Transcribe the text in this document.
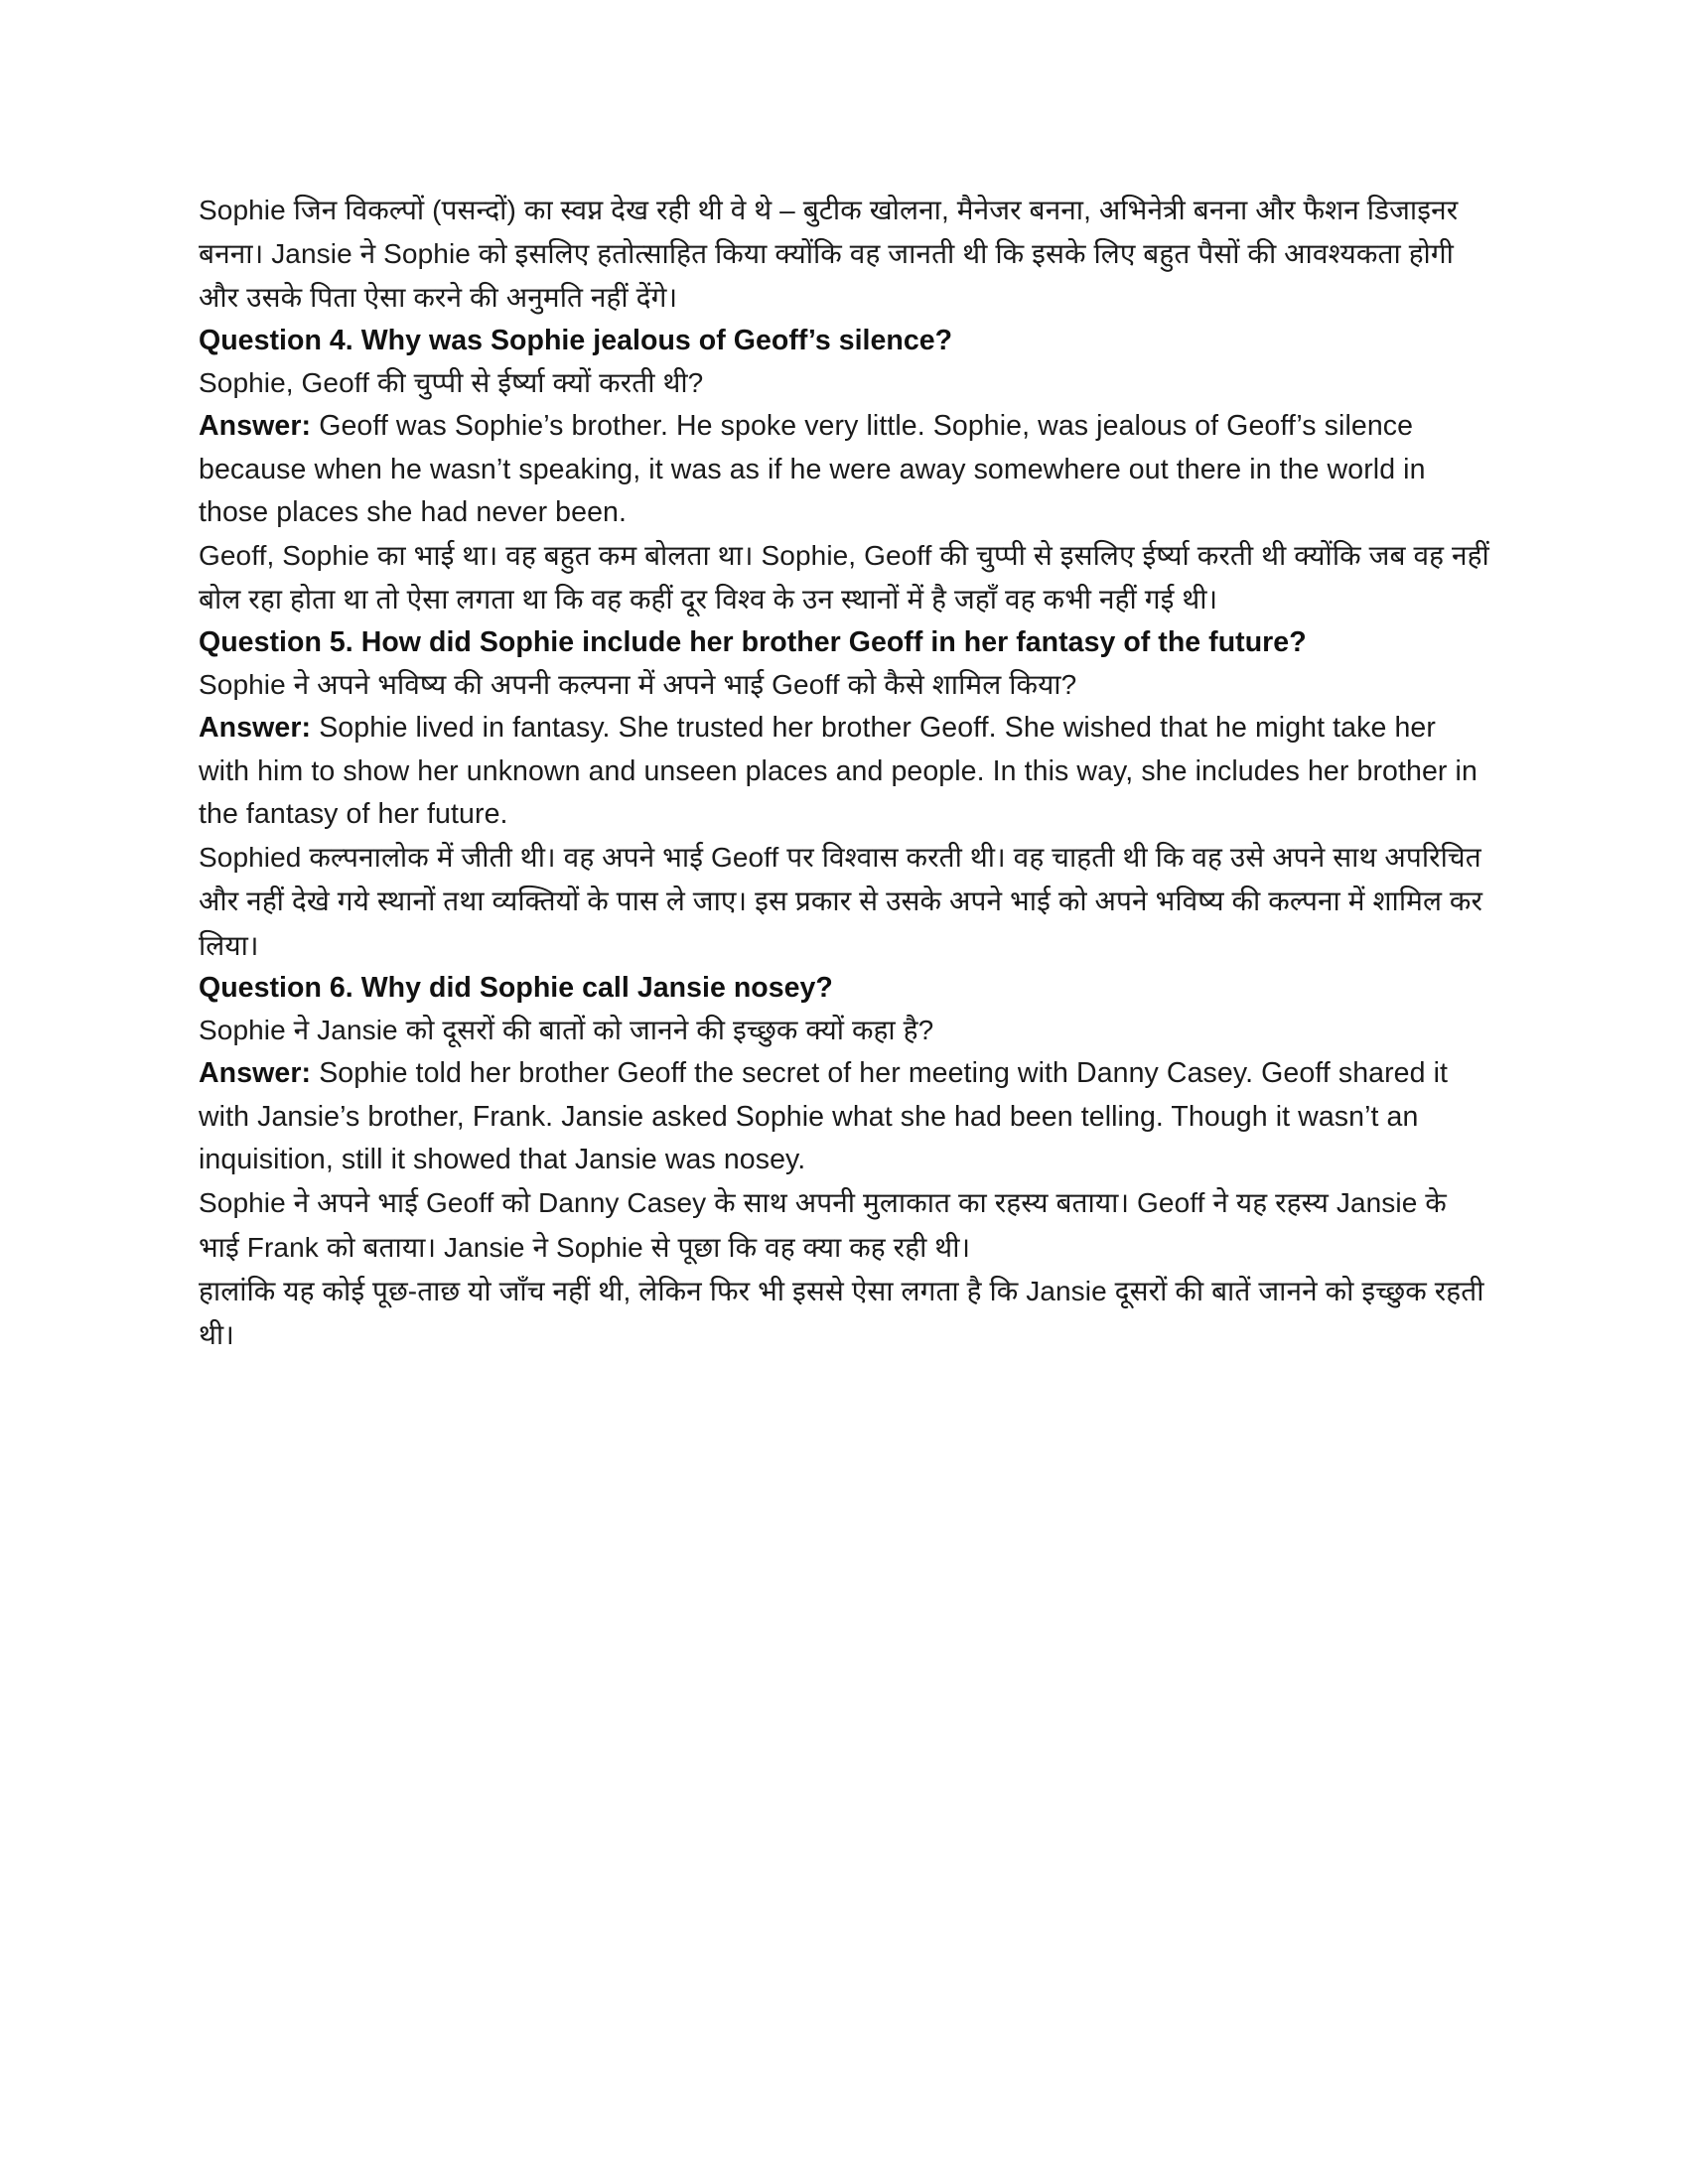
Sophie जिन विकल्पों (पसन्दों) का स्वप्न देख रही थी वे थे – बुटीक खोलना, मैनेजर बनना, अभिनेत्री बनना और फैशन डिजाइनर बनना। Jansie ने Sophie को इसलिए हतोत्साहित किया क्योंकि वह जानती थी कि इसके लिए बहुत पैसों की आवश्यकता होगी और उसके पिता ऐसा करने की अनुमति नहीं देंगे।

Question 4. Why was Sophie jealous of Geoff’s silence?

Sophie, Geoff की चुप्पी से ईर्ष्या क्यों करती थी?

Answer: Geoff was Sophie’s brother. He spoke very little. Sophie, was jealous of Geoff’s silence because when he wasn’t speaking, it was as if he were away somewhere out there in the world in those places she had never been.

Geoff, Sophie का भाई था। वह बहुत कम बोलता था। Sophie, Geoff की चुप्पी से इसलिए ईर्ष्या करती थी क्योंकि जब वह नहीं बोल रहा होता था तो ऐसा लगता था कि वह कहीं दूर विश्व के उन स्थानों में है जहाँ वह कभी नहीं गई थी।

Question 5. How did Sophie include her brother Geoff in her fantasy of the future?

Sophie ने अपने भविष्य की अपनी कल्पना में अपने भाई Geoff को कैसे शामिल किया?

Answer: Sophie lived in fantasy. She trusted her brother Geoff. She wished that he might take her with him to show her unknown and unseen places and people. In this way, she includes her brother in the fantasy of her future.

Sophied कल्पनालोक में जीती थी। वह अपने भाई Geoff पर विश्वास करती थी। वह चाहती थी कि वह उसे अपने साथ अपरिचित और नहीं देखे गये स्थानों तथा व्यक्तियों के पास ले जाए। इस प्रकार से उसके अपने भाई को अपने भविष्य की कल्पना में शामिल कर लिया।

Question 6. Why did Sophie call Jansie nosey?

Sophie ने Jansie को दूसरों की बातों को जानने की इच्छुक क्यों कहा है?

Answer: Sophie told her brother Geoff the secret of her meeting with Danny Casey. Geoff shared it with Jansie’s brother, Frank. Jansie asked Sophie what she had been telling. Though it wasn’t an inquisition, still it showed that Jansie was nosey.

Sophie ने अपने भाई Geoff को Danny Casey के साथ अपनी मुलाकात का रहस्य बताया। Geoff ने यह रहस्य Jansie के भाई Frank को बताया। Jansie ने Sophie से पूछा कि वह क्या कह रही थी।

हालांकि यह कोई पूछ-ताछ यो जाँच नहीं थी, लेकिन फिर भी इससे ऐसा लगता है कि Jansie दूसरों की बातें जानने को इच्छुक रहती थी।
